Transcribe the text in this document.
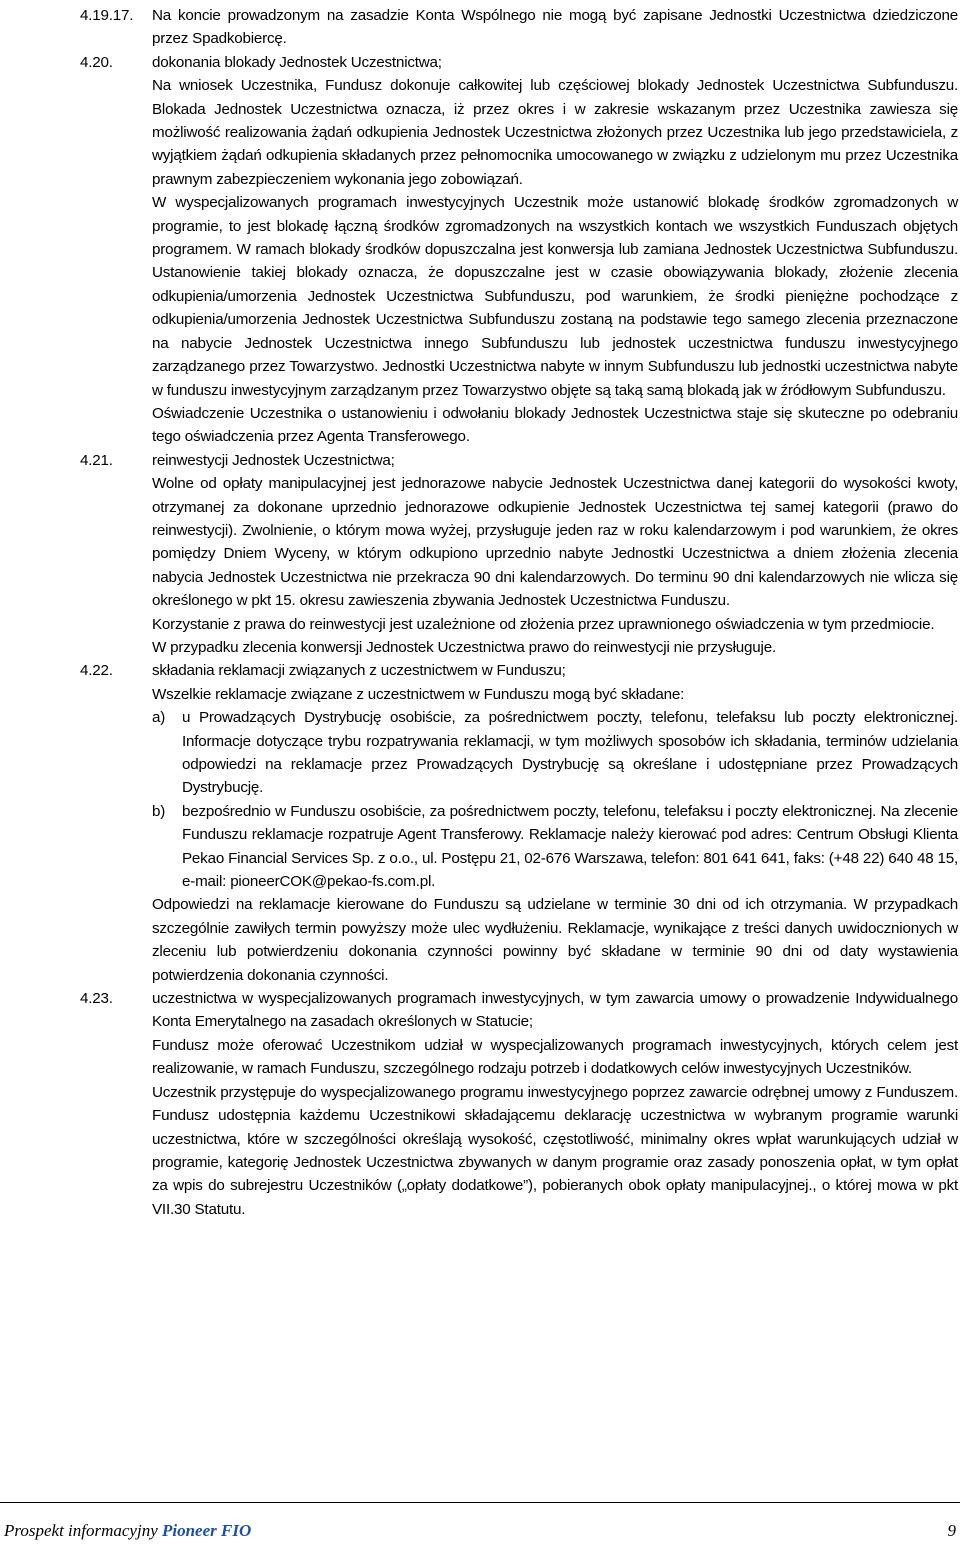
4.19.17.	Na koncie prowadzonym na zasadzie Konta Wspólnego nie mogą być zapisane Jednostki Uczestnictwa dziedziczone przez Spadkobiercę.

4.20.	dokonania blokady Jednostek Uczestnictwa;

Na wniosek Uczestnika, Fundusz dokonuje całkowitej lub częściowej blokady Jednostek Uczestnictwa Subfunduszu. Blokada Jednostek Uczestnictwa oznacza, iż przez okres i w zakresie wskazanym przez Uczestnika zawiesza się możliwość realizowania żądań odkupienia Jednostek Uczestnictwa złożonych przez Uczestnika lub jego przedstawiciela, z wyjątkiem żądań odkupienia składanych przez pełnomocnika umocowanego w związku z udzielonym mu przez Uczestnika prawnym zabezpieczeniem wykonania jego zobowiązań.

W wyspecjalizowanych programach inwestycyjnych Uczestnik może ustanowić blokadę środków zgromadzonych w programie, to jest blokadę łączną środków zgromadzonych na wszystkich kontach we wszystkich Funduszach objętych programem. W ramach blokady środków dopuszczalna jest konwersja lub zamiana Jednostek Uczestnictwa Subfunduszu. Ustanowienie takiej blokady oznacza, że dopuszczalne jest w czasie obowiązywania blokady, złożenie zlecenia odkupienia/umorzenia Jednostek Uczestnictwa Subfunduszu, pod warunkiem, że środki pieniężne pochodzące z odkupienia/umorzenia Jednostek Uczestnictwa Subfunduszu zostaną na podstawie tego samego zlecenia przeznaczone na nabycie Jednostek Uczestnictwa innego Subfunduszu lub jednostek uczestnictwa funduszu inwestycyjnego zarządzanego przez Towarzystwo. Jednostki Uczestnictwa nabyte w innym Subfunduszu lub jednostki uczestnictwa nabyte w funduszu inwestycyjnym zarządzanym przez Towarzystwo objęte są taką samą blokadą jak w źródłowym Subfunduszu.

Oświadczenie Uczestnika o ustanowieniu i odwołaniu blokady Jednostek Uczestnictwa staje się skuteczne po odebraniu tego oświadczenia przez Agenta Transferowego.

4.21.	reinwestycji Jednostek Uczestnictwa;

Wolne od opłaty manipulacyjnej jest jednorazowe nabycie Jednostek Uczestnictwa danej kategorii do wysokości kwoty, otrzymanej za dokonane uprzednio jednorazowe odkupienie Jednostek Uczestnictwa tej samej kategorii (prawo do reinwestycji). Zwolnienie, o którym mowa wyżej, przysługuje jeden raz w roku kalendarzowym i pod warunkiem, że okres pomiędzy Dniem Wyceny, w którym odkupiono uprzednio nabyte Jednostki Uczestnictwa a dniem złożenia zlecenia nabycia Jednostek Uczestnictwa nie przekracza 90 dni kalendarzowych. Do terminu 90 dni kalendarzowych nie wlicza się określonego w pkt 15. okresu zawieszenia zbywania Jednostek Uczestnictwa Funduszu.

Korzystanie z prawa do reinwestycji jest uzależnione od złożenia przez uprawnionego oświadczenia w tym przedmiocie.

W przypadku zlecenia konwersji Jednostek Uczestnictwa prawo do reinwestycji nie przysługuje.

4.22.	składania reklamacji związanych z uczestnictwem w Funduszu;

Wszelkie reklamacje związane z uczestnictwem w Funduszu mogą być składane:

a) u Prowadzących Dystrybucję osobiście, za pośrednictwem poczty, telefonu, telefaksu lub poczty elektronicznej. Informacje dotyczące trybu rozpatrywania reklamacji, w tym możliwych sposobów ich składania, terminów udzielania odpowiedzi na reklamacje przez Prowadzących Dystrybucję są określane i udostępniane przez Prowadzących Dystrybucję.

b) bezpośrednio w Funduszu osobiście, za pośrednictwem poczty, telefonu, telefaksu i poczty elektronicznej. Na zlecenie Funduszu reklamacje rozpatruje Agent Transferowy. Reklamacje należy kierować pod adres: Centrum Obsługi Klienta Pekao Financial Services Sp. z o.o., ul. Postępu 21, 02-676 Warszawa, telefon: 801 641 641, faks: (+48 22) 640 48 15, e-mail: pioneerCOK@pekao-fs.com.pl.

Odpowiedzi na reklamacje kierowane do Funduszu są udzielane w terminie 30 dni od ich otrzymania. W przypadkach szczególnie zawiłych termin powyższy może ulec wydłużeniu. Reklamacje, wynikające z treści danych uwidocznionych w zleceniu lub potwierdzeniu dokonania czynności powinny być składane w terminie 90 dni od daty wystawienia potwierdzenia dokonania czynności.

4.23.	uczestnictwa w wyspecjalizowanych programach inwestycyjnych, w tym zawarcia umowy o prowadzenie Indywidualnego Konta Emerytalnego na zasadach określonych w Statucie;

Fundusz może oferować Uczestnikom udział w wyspecjalizowanych programach inwestycyjnych, których celem jest realizowanie, w ramach Funduszu, szczególnego rodzaju potrzeb i dodatkowych celów inwestycyjnych Uczestników.

Uczestnik przystępuje do wyspecjalizowanego programu inwestycyjnego poprzez zawarcie odrębnej umowy z Funduszem. Fundusz udostępnia każdemu Uczestnikowi składającemu deklarację uczestnictwa w wybranym programie warunki uczestnictwa, które w szczególności określają wysokość, częstotliwość, minimalny okres wpłat warunkujących udział w programie, kategorię Jednostek Uczestnictwa zbywanych w danym programie oraz zasady ponoszenia opłat, w tym opłat za wpis do subrejestru Uczestników („opłaty dodatkowe”), pobieranych obok opłaty manipulacyjnej., o której mowa w pkt VII.30 Statutu.

Prospekt informacyjny Pioneer FIO	9
